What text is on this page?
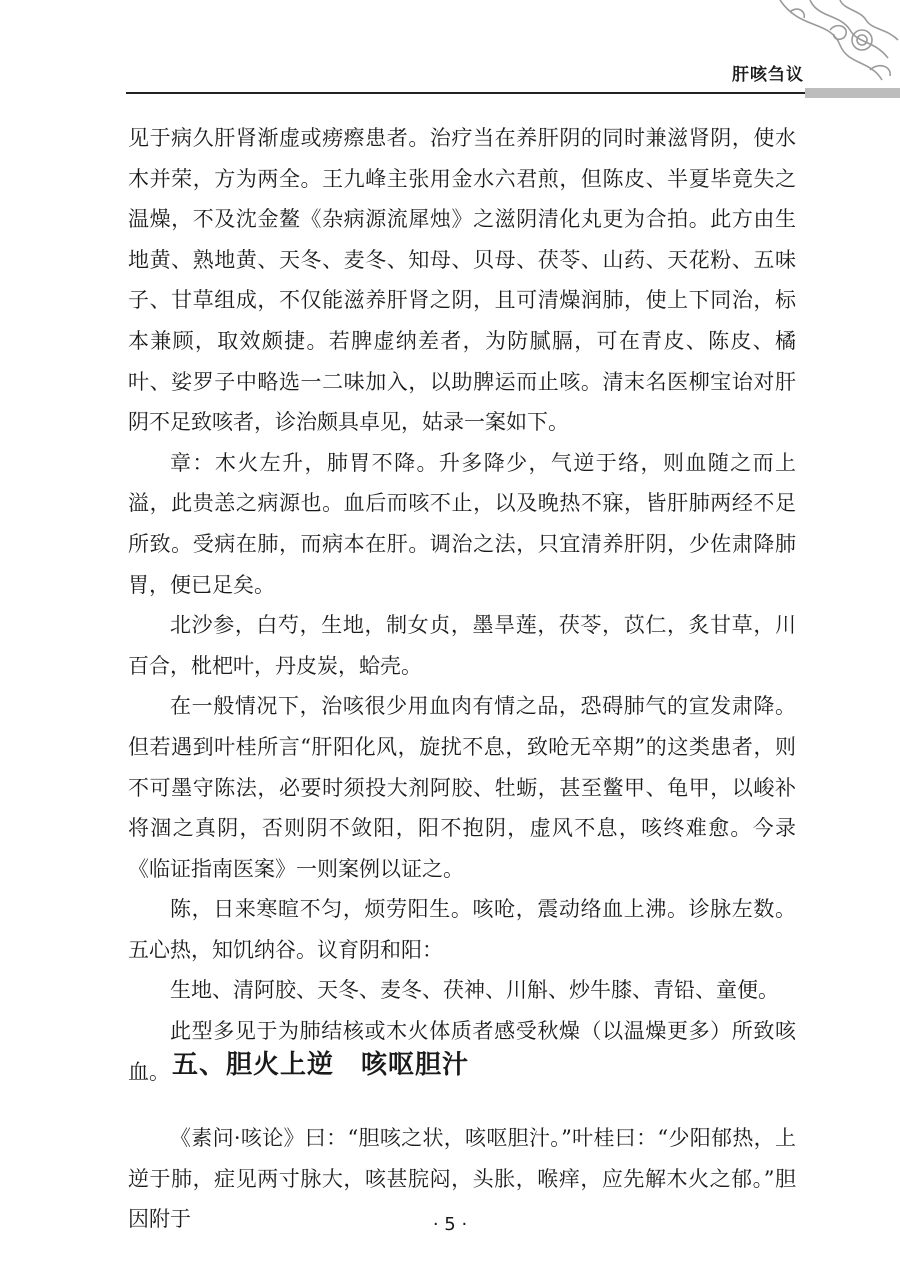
肝咳刍议

见于病久肝肾渐虚或痨瘵患者。治疗当在养肝阴的同时兼滋肾阴，使水木并荣，方为两全。王九峰主张用金水六君煎，但陈皮、半夏毕竟失之温燥，不及沈金鳌《杂病源流犀烛》之滋阴清化丸更为合拍。此方由生地黄、熟地黄、天冬、麦冬、知母、贝母、茯苓、山药、天花粉、五味子、甘草组成，不仅能滋养肝肾之阴，且可清燥润肺，使上下同治，标本兼顾，取效颇捷。若脾虚纳差者，为防腻膈，可在青皮、陈皮、橘叶、娑罗子中略选一二味加入，以助脾运而止咳。清末名医柳宝诒对肝阴不足致咳者，诊治颇具卓见，姑录一案如下。

章：木火左升，肺胃不降。升多降少，气逆于络，则血随之而上溢，此贵恙之病源也。血后而咳不止，以及晚热不寐，皆肝肺两经不足所致。受病在肺，而病本在肝。调治之法，只宜清养肝阴，少佐肃降肺胃，便已足矣。

北沙参，白芍，生地，制女贞，墨旱莲，茯苓，苡仁，炙甘草，川百合，枇杷叶，丹皮炭，蛤壳。

在一般情况下，治咳很少用血肉有情之品，恐碍肺气的宣发肃降。但若遇到叶桂所言“肝阳化风，旋扰不息，致呛无卒期”的这类患者，则不可墨守陈法，必要时须投大剂阿胶、牡蛎，甚至鳖甲、龟甲，以峻补将涸之真阴，否则阴不敛阳，阳不抱阴，虚风不息，咳终难愈。今录《临证指南医案》一则案例以证之。

陈，日来寒暄不匀，烦劳阳生。咳呛，震动络血上沸。诊脉左数。五心热，知饥纳谷。议育阴和阳：

生地、清阿胶、天冬、麦冬、茯神、川斛、炒牛膝、青铅、童便。

此型多见于为肺结核或木火体质者感受秋燥（以温燥更多）所致咳血。 五、胆火上逆　咳呕胆汁

《素问·咳论》曰：“胆咳之状，咳呕胆汁。”叶桂曰：“少阳郁热，上逆于肺，症见两寸脉大，咳甚脘闷，头胀，喉痒，应先解木火之郁。”胆因附于	· 5 ·
